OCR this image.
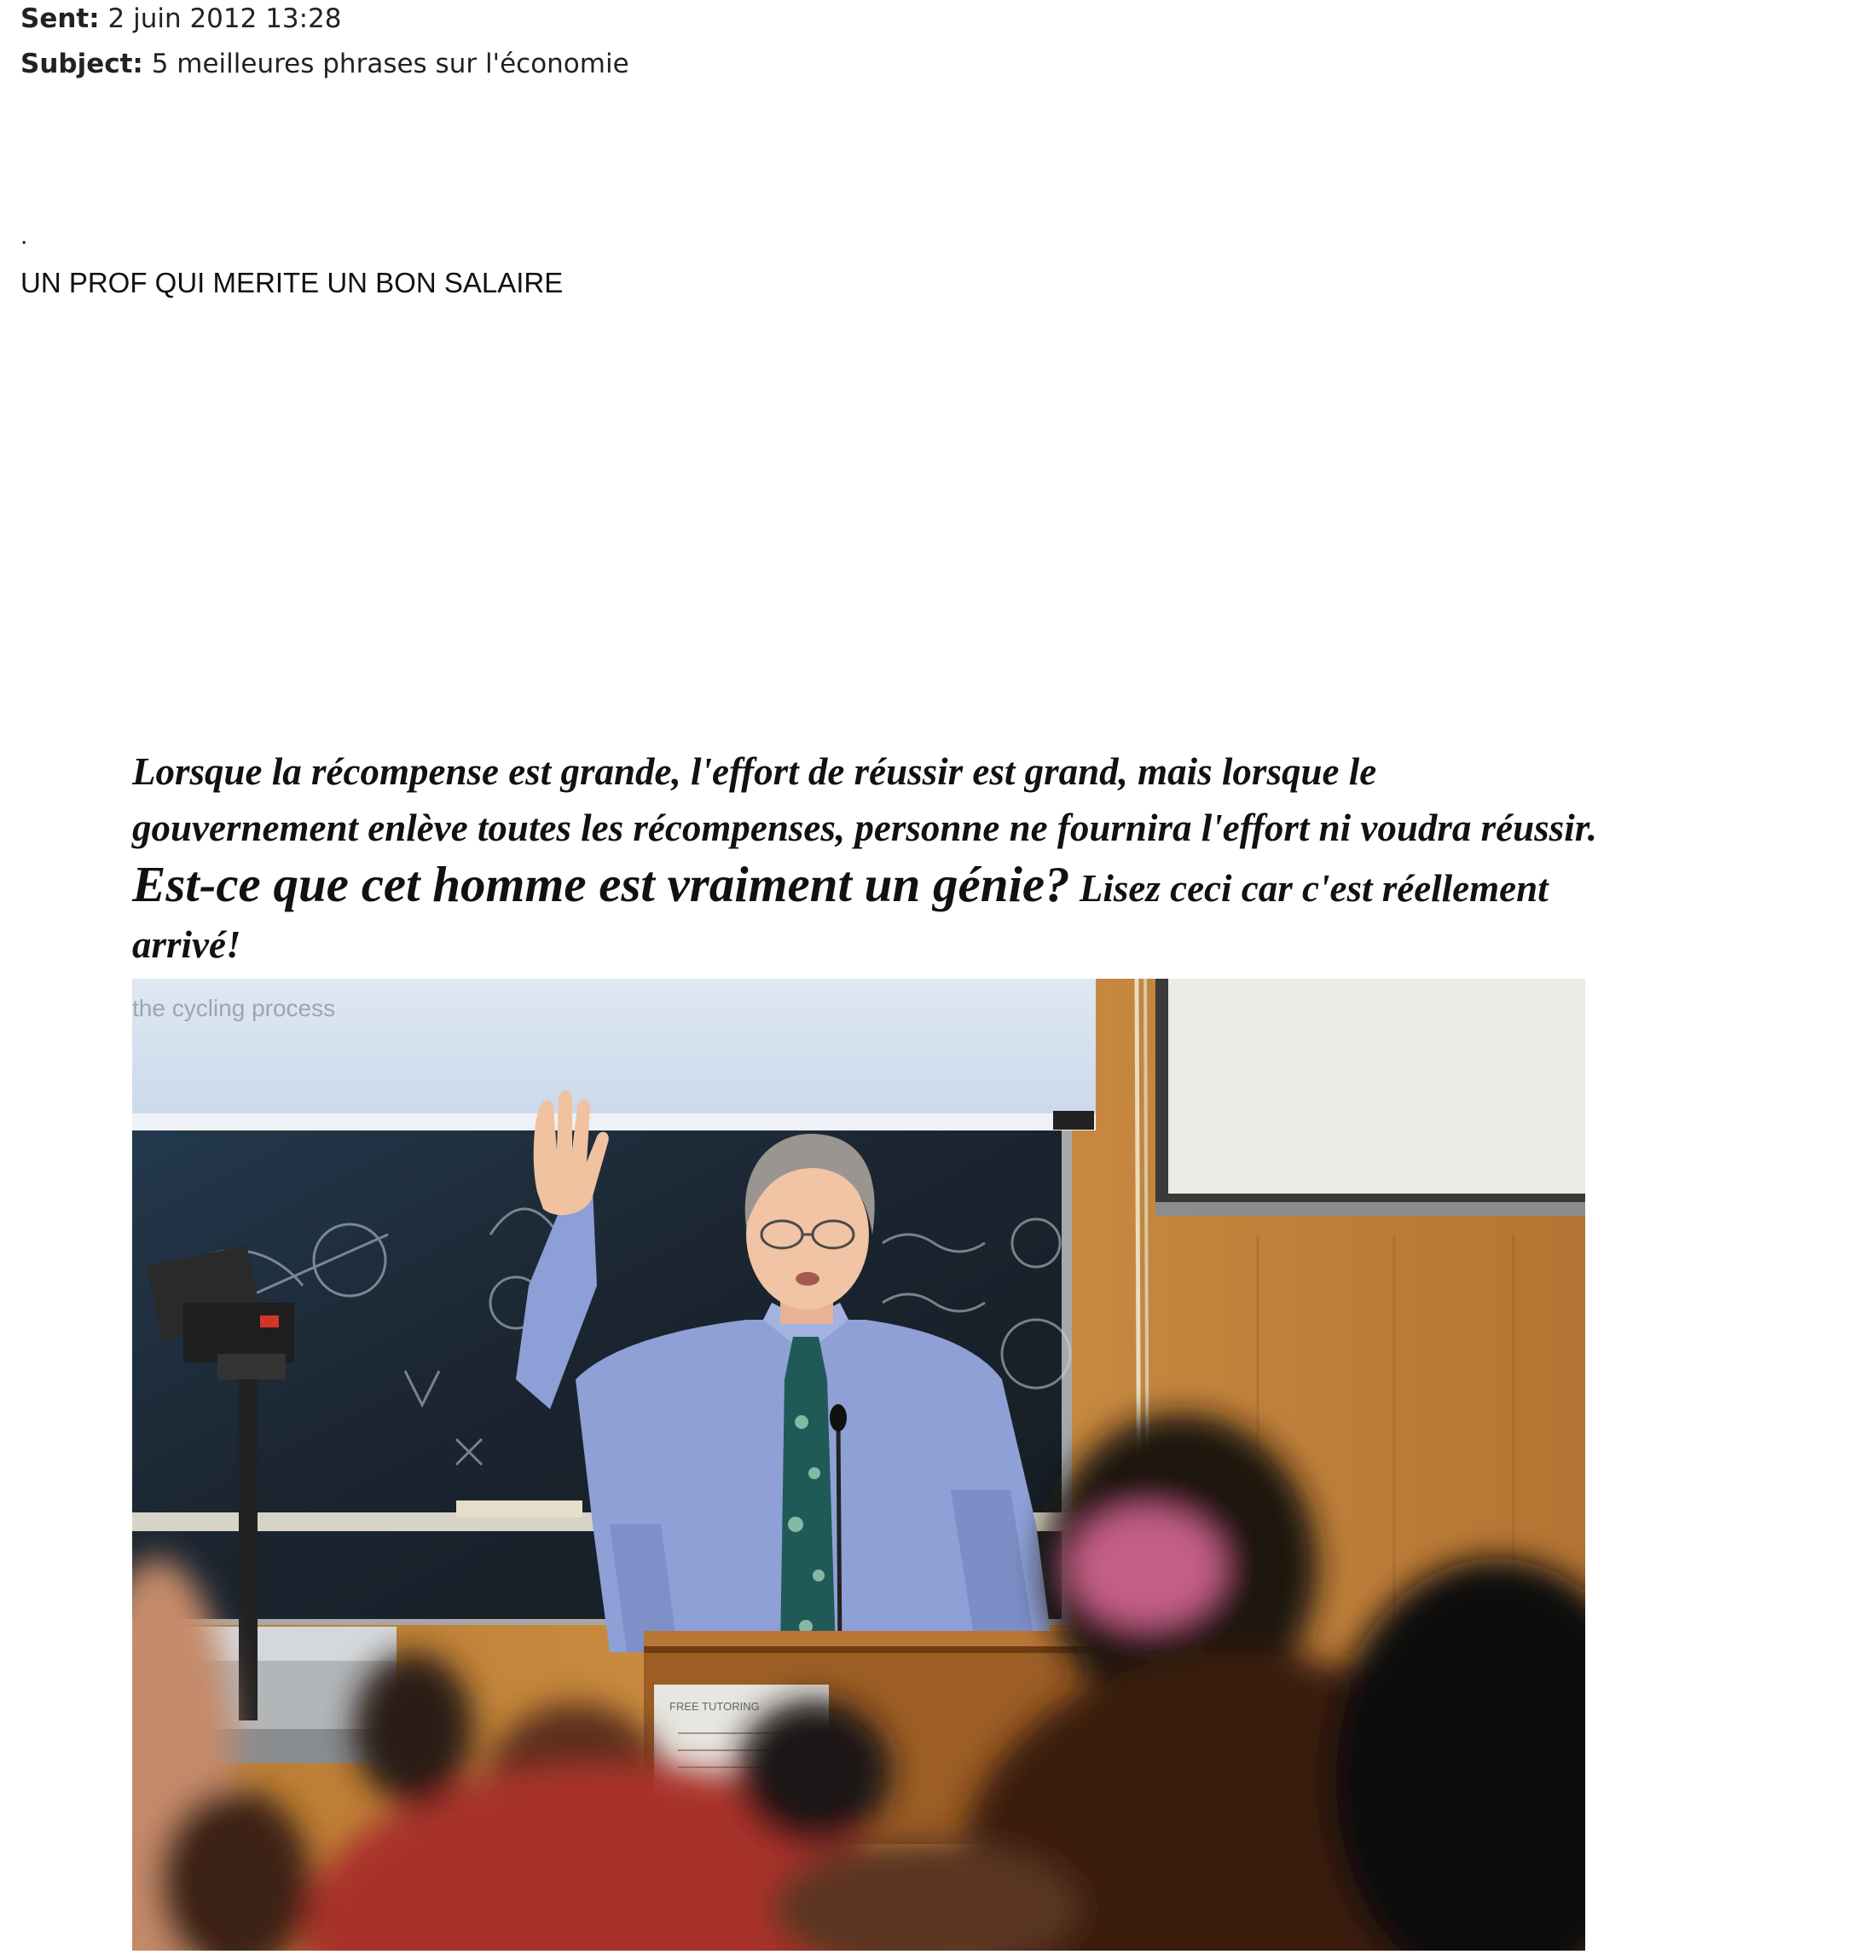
Sent: 2 juin 2012 13:28
Subject: 5 meilleures phrases sur l'économie
.
UN PROF QUI MERITE UN BON SALAIRE
Lorsque la récompense est grande, l'effort de réussir est grand, mais lorsque le
gouvernement enlève toutes les récompenses, personne ne fournira l'effort ni voudra réussir.
Est-ce que cet homme est vraiment un génie? Lisez ceci car c'est réellement
arrivé!
the cycling process
FREE TUTORING
